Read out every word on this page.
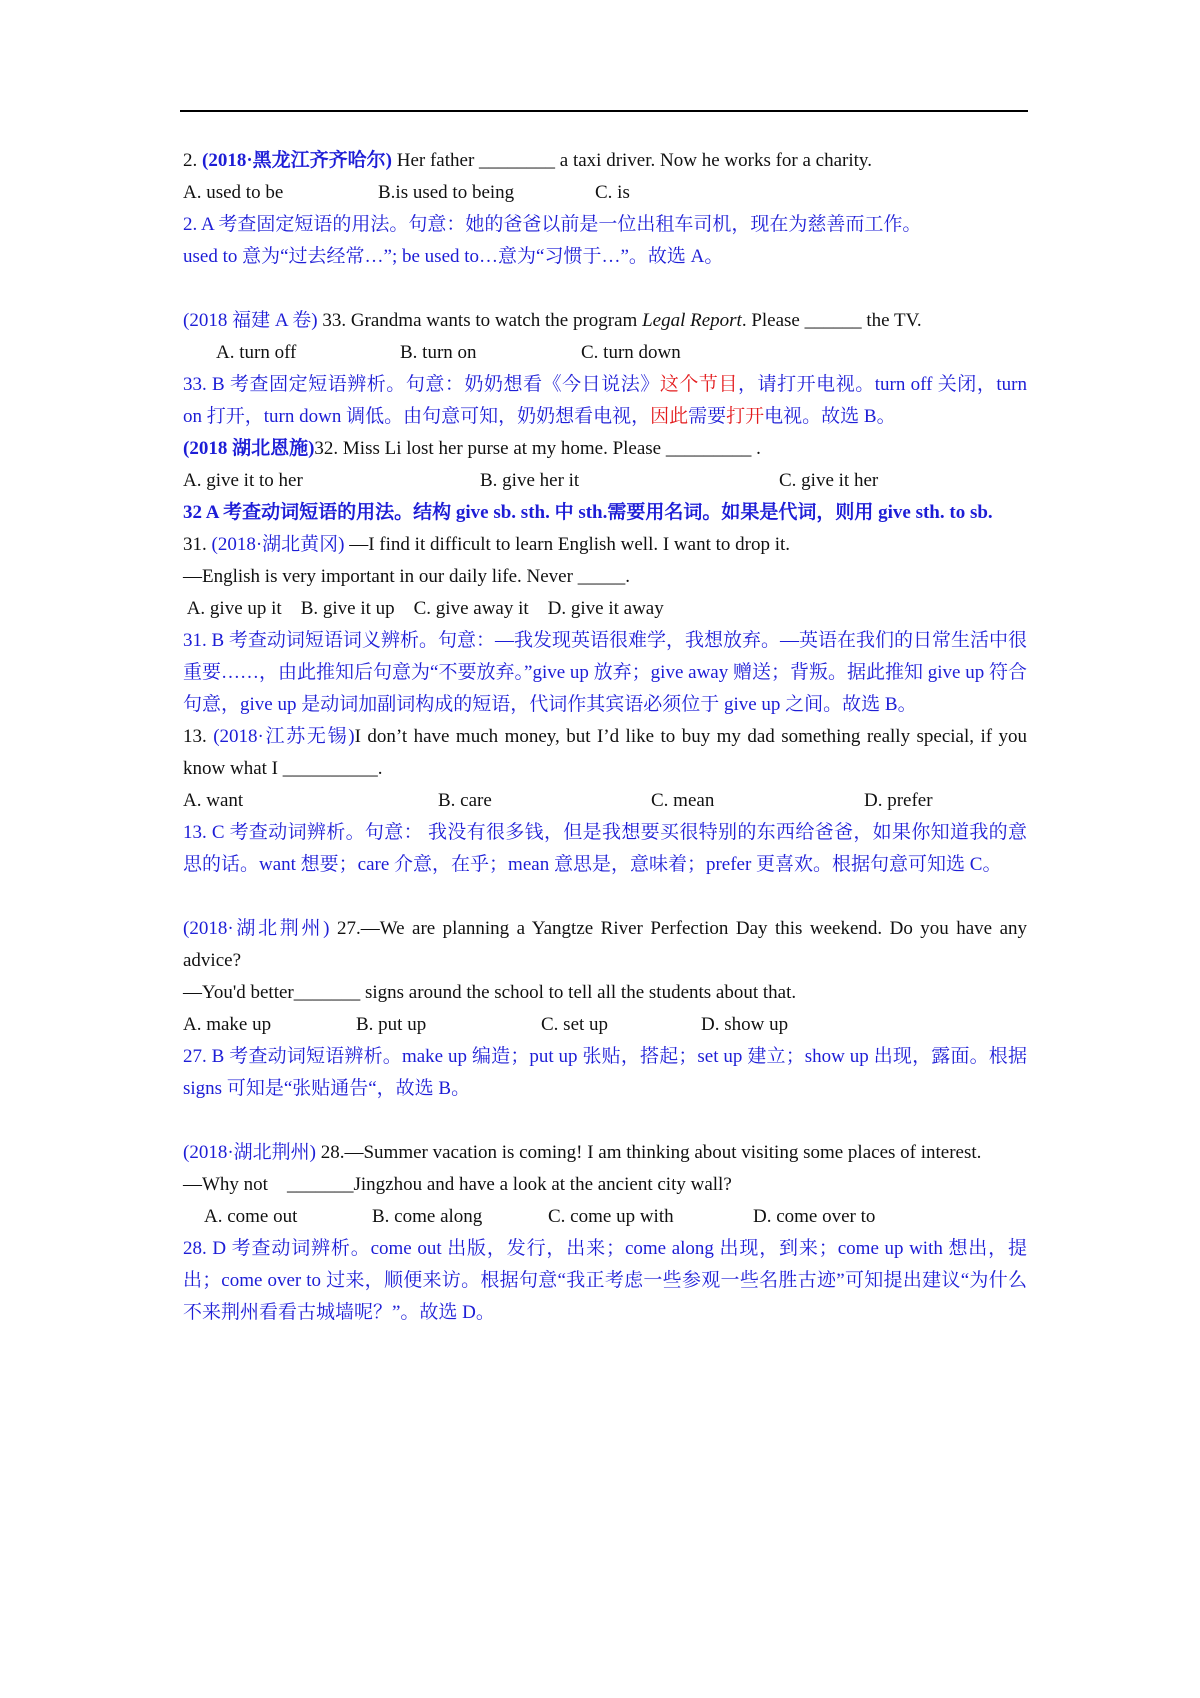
2. (2018·黑龙江齐齐哈尔) Her father ________ a taxi driver. Now he works for a charity.
A. used to be	B.is used to being	C. is
2. A 考查固定短语的用法。句意：她的爸爸以前是一位出租车司机，现在为慈善而工作。
used to 意为“过去经常…”; be used to…意为“习惯于…”。故选 A。
(2018 福建 A 卷) 33. Grandma wants to watch the program Legal Report. Please ______ the TV.
A. turn off	B. turn on	C. turn down
33. B 考查固定短语辨析。句意：奶奶想看《今日说法》这个节目，请打开电视。turn off 关闭，turn on 打开，turn down 调低。由句意可知，奶奶想看电视，因此需要打开电视。故选 B。
(2018 湖北恩施)32. Miss Li lost her purse at my home. Please _________ .
A. give it to her	B. give her it	C. give it her
32 A 考查动词短语的用法。结构 give sb. sth. 中 sth.需要用名词。如果是代词，则用 give sth. to sb.
31. (2018·湖北黄冈) —I find it difficult to learn English well. I want to drop it.
—English is very important in our daily life. Never _____.
A. give up it    B. give it up    C. give away it    D. give it away
31. B 考查动词短语词义辨析。句意：—我发现英语很难学，我想放弃。—英语在我们的日常生活中很重要……，由此推知后句意为“不要放弃。”give up 放弃；give away 赠送；背叛。据此推知 give up 符合句意，give up 是动词加副词构成的短语，代词作其宾语必须位于 give up 之间。故选 B。
13. (2018·江苏无锡)I don’t have much money, but I’d like to buy my dad something really special, if you know what I __________.
A. want	B. care	C. mean	D. prefer
13. C 考查动词辨析。句意： 我没有很多钱，但是我想要买很特别的东西给爸爸，如果你知道我的意思的话。want 想要；care 介意，在乎；mean 意思是，意味着；prefer 更喜欢。根据句意可知选 C。
(2018·湖北荆州) 27.—We are planning a Yangtze River Perfection Day this weekend. Do you have any advice?
—You'd better_______ signs around the school to tell all the students about that.
A. make up	B. put up	C. set up	D. show up
27. B 考查动词短语辨析。make up 编造；put up 张贴，搭起；set up 建立；show up 出现，露面。根据 signs 可知是“张贴通告“，故选 B。
(2018·湖北荆州) 28.—Summer vacation is coming! I am thinking about visiting some places of interest.
—Why not    _______Jingzhou and have a look at the ancient city wall?
A. come out	B. come along	C. come up with	D. come over to
28. D 考查动词辨析。come out 出版，发行，出来；come along 出现，到来；come up with 想出，提出；come over to 过来，顺便来访。根据句意“我正考虑一些参观一些名胜古迹”可知提出建议“为什么不来荆州看看古城墙呢？”。故选 D。
